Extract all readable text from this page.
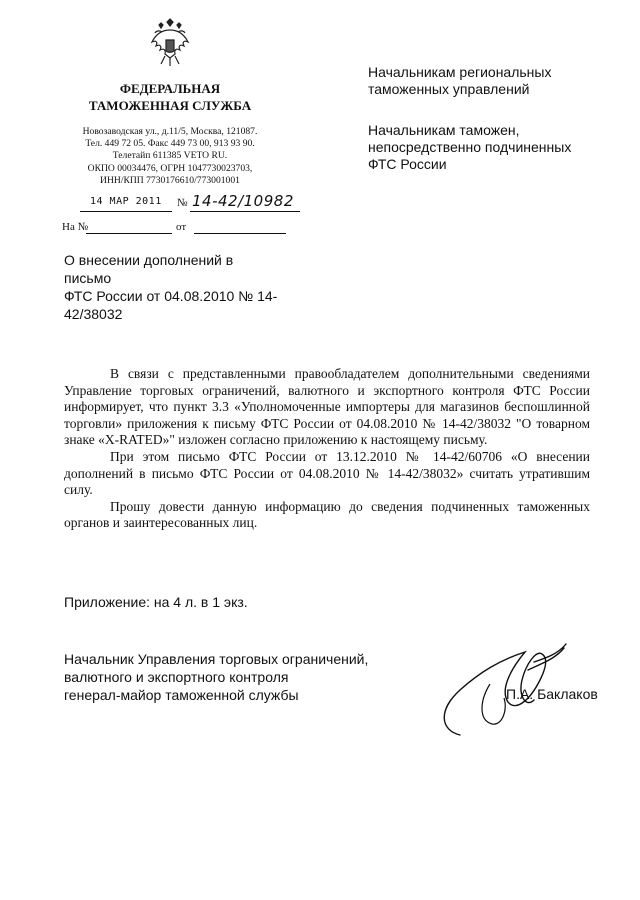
ФЕДЕРАЛЬНАЯ
ТАМОЖЕННАЯ СЛУЖБА
Новозаводская ул., д.11/5, Москва, 121087.
Тел. 449 72 05. Факс 449 73 00, 913 93 90.
Телетайп 611385 VETO RU.
ОКПО 00034476, ОГРН 1047730023703,
ИНН/КПП 7730176610/773001001
14 МАР 2011 № 14-42/10982
На №	от
Начальникам региональных
таможенных управлений
Начальникам таможен,
непосредственно подчиненных
ФТС России
О внесении дополнений в письмо
ФТС России от 04.08.2010 № 14-
42/38032

В связи с представленными правообладателем дополнительными сведениями Управление торговых ограничений, валютного и экспортного контроля ФТС России информирует, что пункт 3.3 «Уполномоченные импортеры для магазинов беспошлинной торговли» приложения к письму ФТС России от 04.08.2010 № 14-42/38032 "О товарном знаке «X-RATED»" изложен согласно приложению к настоящему письму.

При этом письмо ФТС России от 13.12.2010 № 14-42/60706 «О внесении дополнений в письмо ФТС России от 04.08.2010 № 14-42/38032» считать утратившим силу.

Прошу довести данную информацию до сведения подчиненных таможенных органов и заинтересованных лиц.

Приложение: на 4 л. в 1 экз.
Начальник Управления торговых ограничений,
валютного и экспортного контроля
генерал-майор таможенной службы	П.А. Баклаков
